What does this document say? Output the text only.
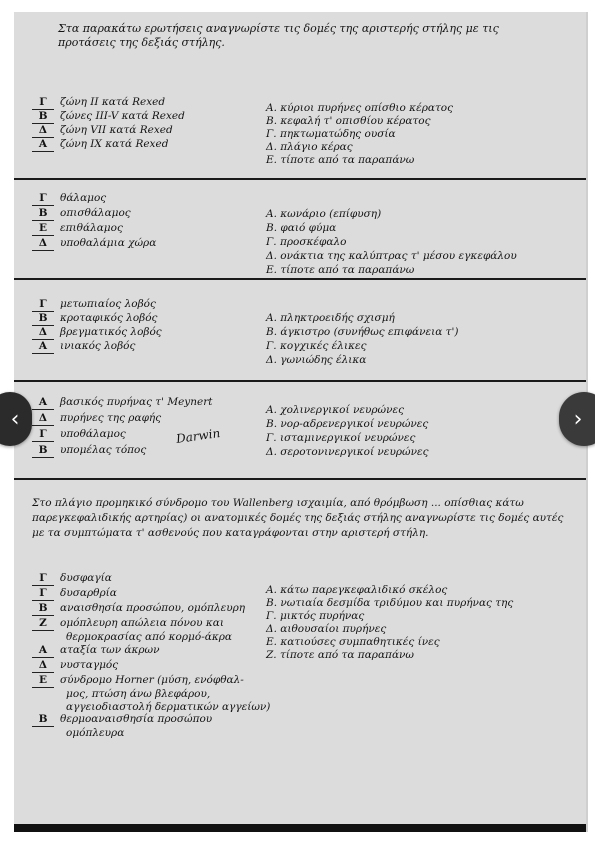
Στα παρακάτω ερωτήσεις αναγνωρίστε τις δομές της αριστερής στήλης με τις προτάσεις της δεξιάς στήλης.
Γ ζώνη II κατά Rexed
Β ζώνες III-V κατά Rexed
Δ ζώνη VII κατά Rexed
Α ζώνη IX κατά Rexed
Α. κύριοι πυρήνες οπίσθιο κέρατος
Β. κεφαλή τ' οπισθίου κέρατος
Γ. πηκτωματώδης ουσία
Δ. πλάγιο κέρας
Ε. τίποτε από τα παραπάνω
Γ θάλαμος
Β οπισθάλαμος
Ε επιθάλαμος
Δ υποθαλάμια χώρα
Α. κωνάριο (επίφυση)
Β. φαιό φύμα
Γ. προσκέφαλο
Δ. ονάκτια της καλύπτρας τ' μέσου εγκεφάλου
Ε. τίποτε από τα παραπάνω
Γ μετωπιαίος λοβός
Β κροταφικός λοβός
Δ βρεγματικός λοβός
Α ινιακός λοβός
Α. πληκτροειδής σχισμή
Β. άγκιστρο (συνήθως επιφάνεια τ')
Γ. κογχικές έλικες
Δ. γωνιώδης έλικα
Α βασικός πυρήνας τ' Meynert
Δ πυρήνες της ραφής
Γ υποθάλαμος
Β υπομέλας τόπος
Α. χολινεργικοί νευρώνες
Β. νορ-αδρενεργικοί νευρώνες
Γ. ισταμινεργικοί νευρώνες
Δ. σεροτονινεργικοί νευρώνες
Darwin
Στο πλάγιο προμηκικό σύνδρομο του Wallenberg ισχαιμία, από θρόμβωση ... οπίσθιας κάτω παρεγκεφαλιδικής αρτηρίας) οι ανατομικές δομές της δεξιάς στήλης αναγνωρίστε τις δομές αυτές με τα συμπτώματα τ' ασθενούς που καταγράφονται στην αριστερή στήλη.
Γ δυσφαγία
Γ δυσαρθρία
Β αναισθησία προσώπου, ομόπλευρη
Ζ ομόπλευρη απώλεια πόνου και
θερμοκρασίας από κορμό-άκρα
Α αταξία των άκρων
Δ νυσταγμός
Ε σύνδρομο Horner (μύση, ενόφθαλ-
μος, πτώση άνω βλεφάρου,
αγγειοδιαστολή δερματικών αγγείων)
Β θερμοαναισθησία προσώπου
ομόπλευρα
Α. κάτω παρεγκεφαλιδικό σκέλος
Β. νωτιαία δεσμίδα τριδύμου και πυρήνας της
Γ. μικτός πυρήνας
Δ. αιθουσαίοι πυρήνες
Ε. κατιούσες συμπαθητικές ίνες
Ζ. τίποτε από τα παραπάνω
‹	›
